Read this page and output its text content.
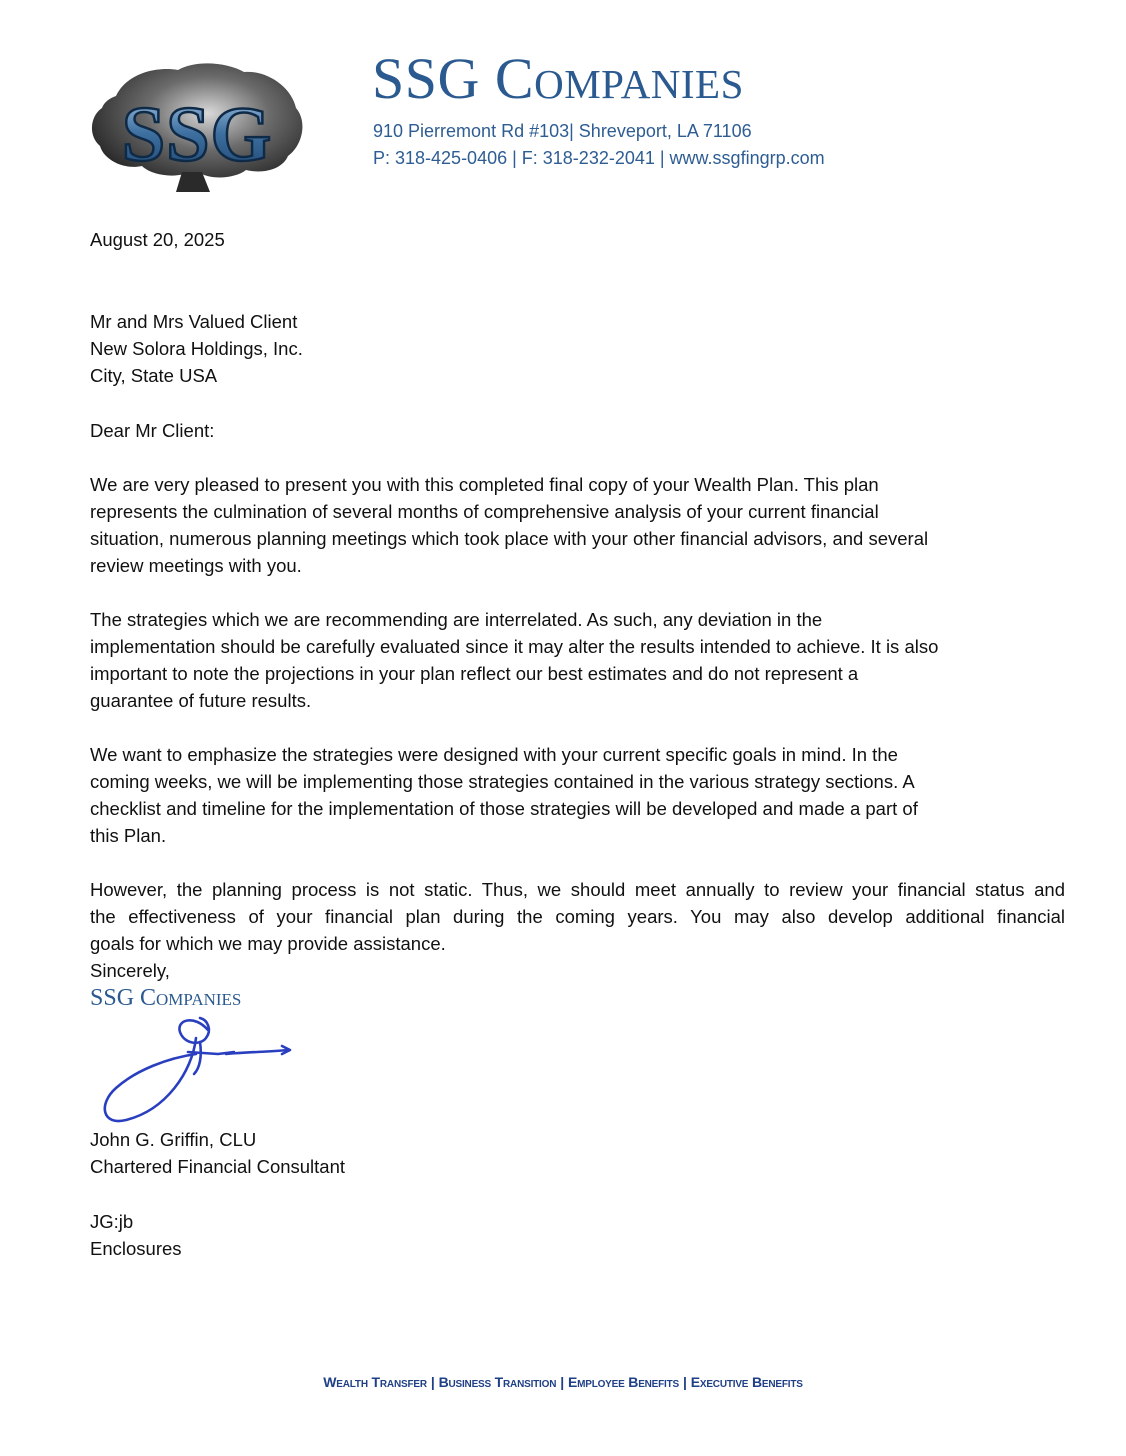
SSG
SSG Companies
910 Pierremont Rd #103| Shreveport, LA 71106
P: 318-425-0406 | F: 318-232-2041 | www.ssgfingrp.com
August 20, 2025
Mr and Mrs Valued Client
New Solora Holdings, Inc.
City, State USA
Dear Mr Client:
We are very pleased to present you with this completed final copy of your Wealth Plan. This plan
represents the culmination of several months of comprehensive analysis of your current financial
situation, numerous planning meetings which took place with your other financial advisors, and several
review meetings with you.
The strategies which we are recommending are interrelated. As such, any deviation in the
implementation should be carefully evaluated since it may alter the results intended to achieve. It is also
important to note the projections in your plan reflect our best estimates and do not represent a
guarantee of future results.
We want to emphasize the strategies were designed with your current specific goals in mind. In the
coming weeks, we will be implementing those strategies contained in the various strategy sections. A
checklist and timeline for the implementation of those strategies will be developed and made a part of
this Plan.
However, the planning process is not static. Thus, we should meet annually to review your financial status and
the effectiveness of your financial plan during the coming years. You may also develop additional financial
goals for which we may provide assistance.
Sincerely,
SSG Companies
John G. Griffin, CLU
Chartered Financial Consultant
JG:jb
Enclosures
Wealth Transfer | Business Transition | Employee Benefits | Executive Benefits
